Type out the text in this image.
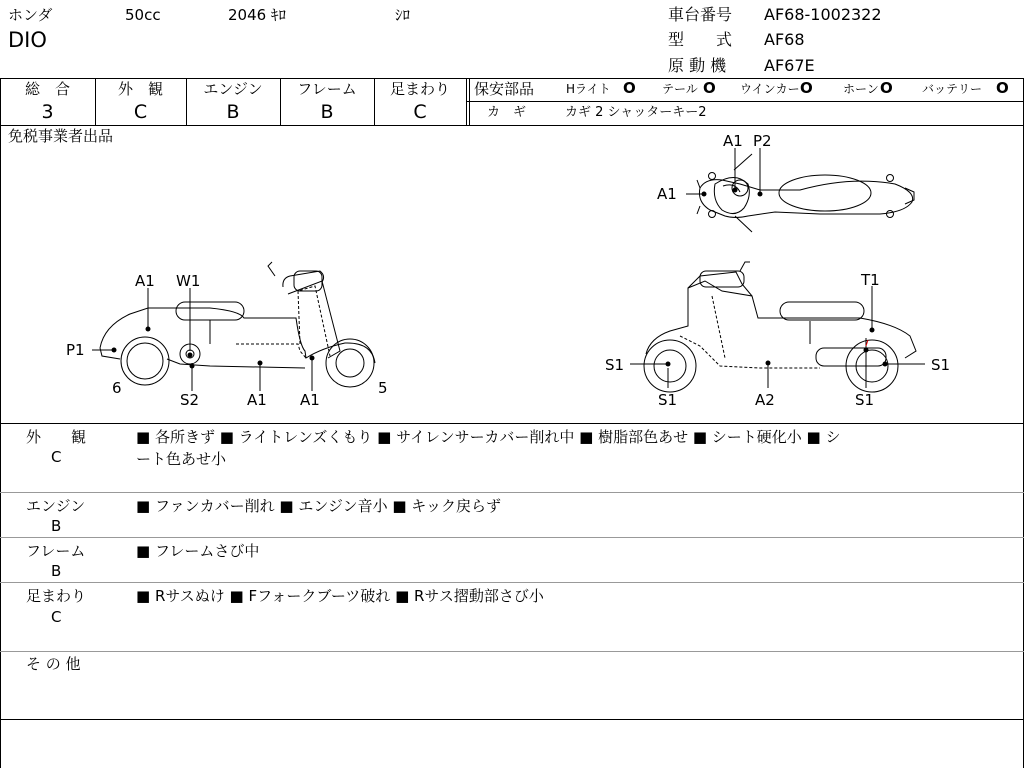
ホンダ	50cc	2046 ｷﾛ	ｼﾛ
DIO
車台番号 AF68-1002322
型　　式 AF68
原 動 機 AF67E
総　合
3
外　観
C
エンジン
B
フレーム
B
足まわり
C
保安部品	Hライト O テール O ウインカー O	ホーン O バッテリー O
カ　ギ	カギ 2 シャッターキー2
免税事業者出品	A1 P2
A1
A1 W1
P1
6
S2	A1 A1
5
T1
S1
S1
S1
A2	S1
外　　観
C
■ 各所きず ■ ライトレンズくもり ■ サイレンサーカバー削れ中 ■ 樹脂部色あせ ■ シート硬化小 ■ シ
ート色あせ小
エンジン
B
■ ファンカバー削れ ■ エンジン音小 ■ キック戻らず
フレーム
B
■ フレームさび中
足まわり
C
■ Rサスぬけ ■ Fフォークブーツ破れ ■ Rサス摺動部さび小
そ の 他
